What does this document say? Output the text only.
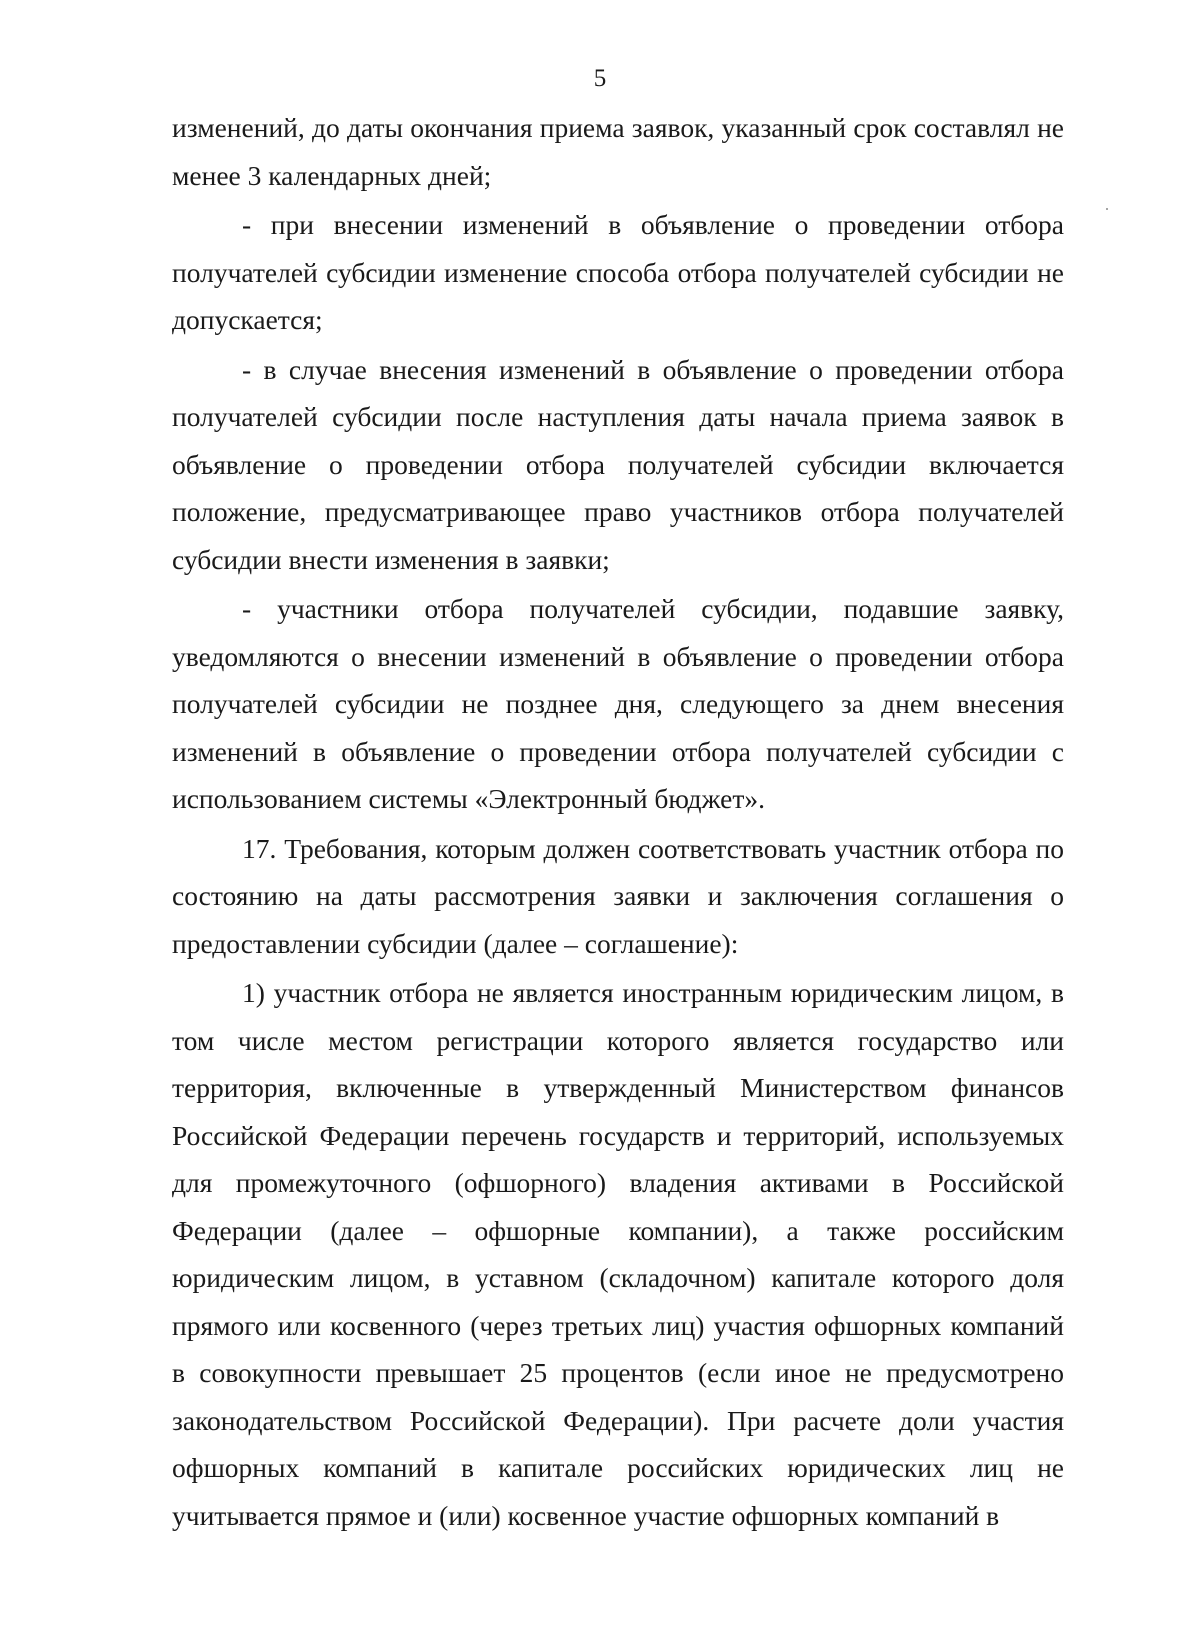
5

изменений, до даты окончания приема заявок, указанный срок составлял не менее 3 календарных дней;

- при внесении изменений в объявление о проведении отбора получателей субсидии изменение способа отбора получателей субсидии не допускается;

- в случае внесения изменений в объявление о проведении отбора получателей субсидии после наступления даты начала приема заявок в объявление о проведении отбора получателей субсидии включается положение, предусматривающее право участников отбора получателей субсидии внести изменения в заявки;

- участники отбора получателей субсидии, подавшие заявку, уведомляются о внесении изменений в объявление о проведении отбора получателей субсидии не позднее дня, следующего за днем внесения изменений в объявление о проведении отбора получателей субсидии с использованием системы «Электронный бюджет».

17. Требования, которым должен соответствовать участник отбора по состоянию на даты рассмотрения заявки и заключения соглашения о предоставлении субсидии (далее – соглашение):

1) участник отбора не является иностранным юридическим лицом, в том числе местом регистрации которого является государство или территория, включенные в утвержденный Министерством финансов Российской Федерации перечень государств и территорий, используемых для промежуточного (офшорного) владения активами в Российской Федерации (далее – офшорные компании), а также российским юридическим лицом, в уставном (складочном) капитале которого доля прямого или косвенного (через третьих лиц) участия офшорных компаний в совокупности превышает 25 процентов (если иное не предусмотрено законодательством Российской Федерации). При расчете доли участия офшорных компаний в капитале российских юридических лиц не учитывается прямое и (или) косвенное участие офшорных компаний в
